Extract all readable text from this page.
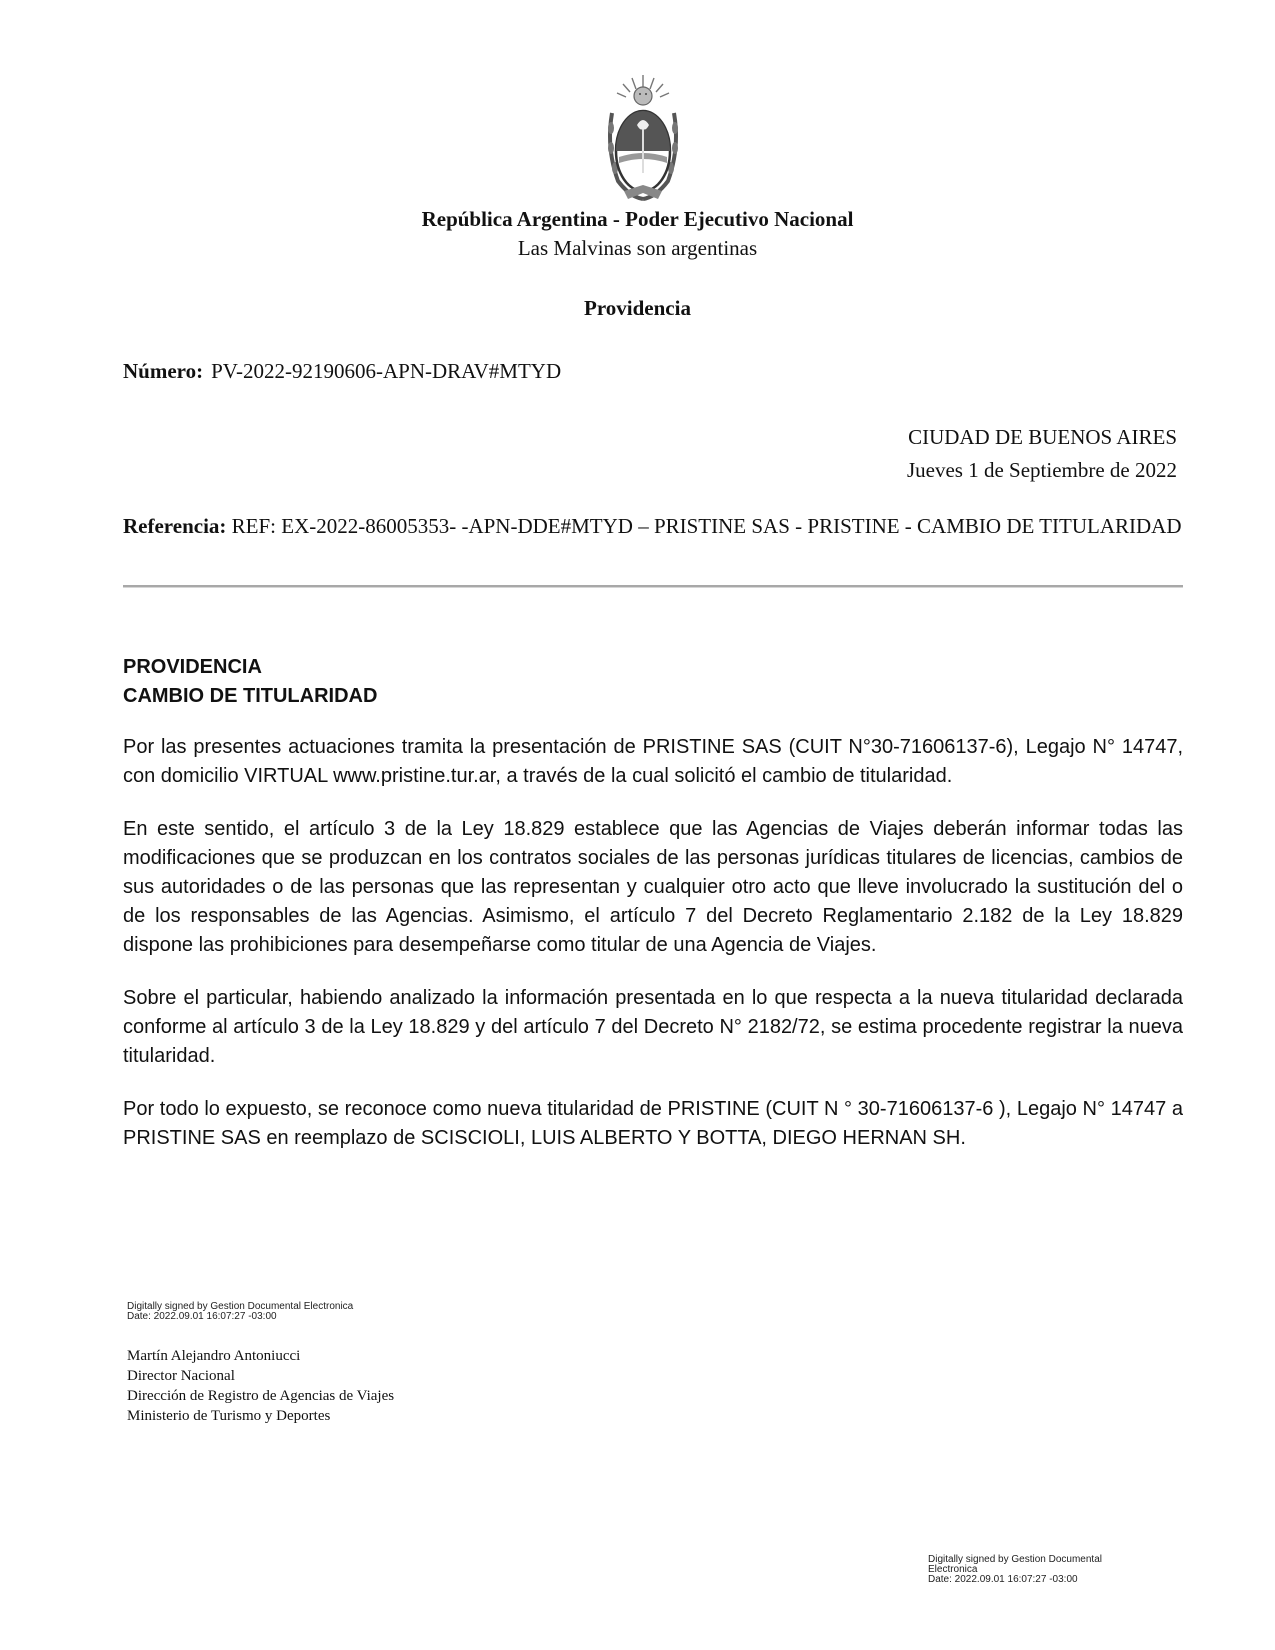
República Argentina - Poder Ejecutivo Nacional
Las Malvinas son argentinas
Providencia
Número: PV-2022-92190606-APN-DRAV#MTYD
CIUDAD DE BUENOS AIRES
Jueves 1 de Septiembre de 2022
Referencia: REF: EX-2022-86005353- -APN-DDE#MTYD – PRISTINE SAS - PRISTINE - CAMBIO DE TITULARIDAD
PROVIDENCIA
CAMBIO DE TITULARIDAD

Por las presentes actuaciones tramita la presentación de PRISTINE SAS (CUIT N°30-71606137-6), Legajo N° 14747, con domicilio VIRTUAL www.pristine.tur.ar, a través de la cual solicitó el cambio de titularidad.

En este sentido, el artículo 3 de la Ley 18.829 establece que las Agencias de Viajes deberán informar todas las modificaciones que se produzcan en los contratos sociales de las personas jurídicas titulares de licencias, cambios de sus autoridades o de las personas que las representan y cualquier otro acto que lleve involucrado la sustitución del o de los responsables de las Agencias. Asimismo, el artículo 7 del Decreto Reglamentario 2.182 de la Ley 18.829 dispone las prohibiciones para desempeñarse como titular de una Agencia de Viajes.

Sobre el particular, habiendo analizado la información presentada en lo que respecta a la nueva titularidad declarada conforme al artículo 3 de la Ley 18.829 y del artículo 7 del Decreto N° 2182/72, se estima procedente registrar la nueva titularidad.

Por todo lo expuesto, se reconoce como nueva titularidad de PRISTINE (CUIT N ° 30-71606137-6 ), Legajo N° 14747 a PRISTINE SAS en reemplazo de SCISCIOLI, LUIS ALBERTO Y BOTTA, DIEGO HERNAN SH.

Digitally signed by Gestion Documental Electronica
Date: 2022.09.01 16:07:27 -03:00
Martín Alejandro Antoniucci
Director Nacional
Dirección de Registro de Agencias de Viajes
Ministerio de Turismo y Deportes
Digitally signed by Gestion Documental
Electronica
Date: 2022.09.01 16:07:27 -03:00
